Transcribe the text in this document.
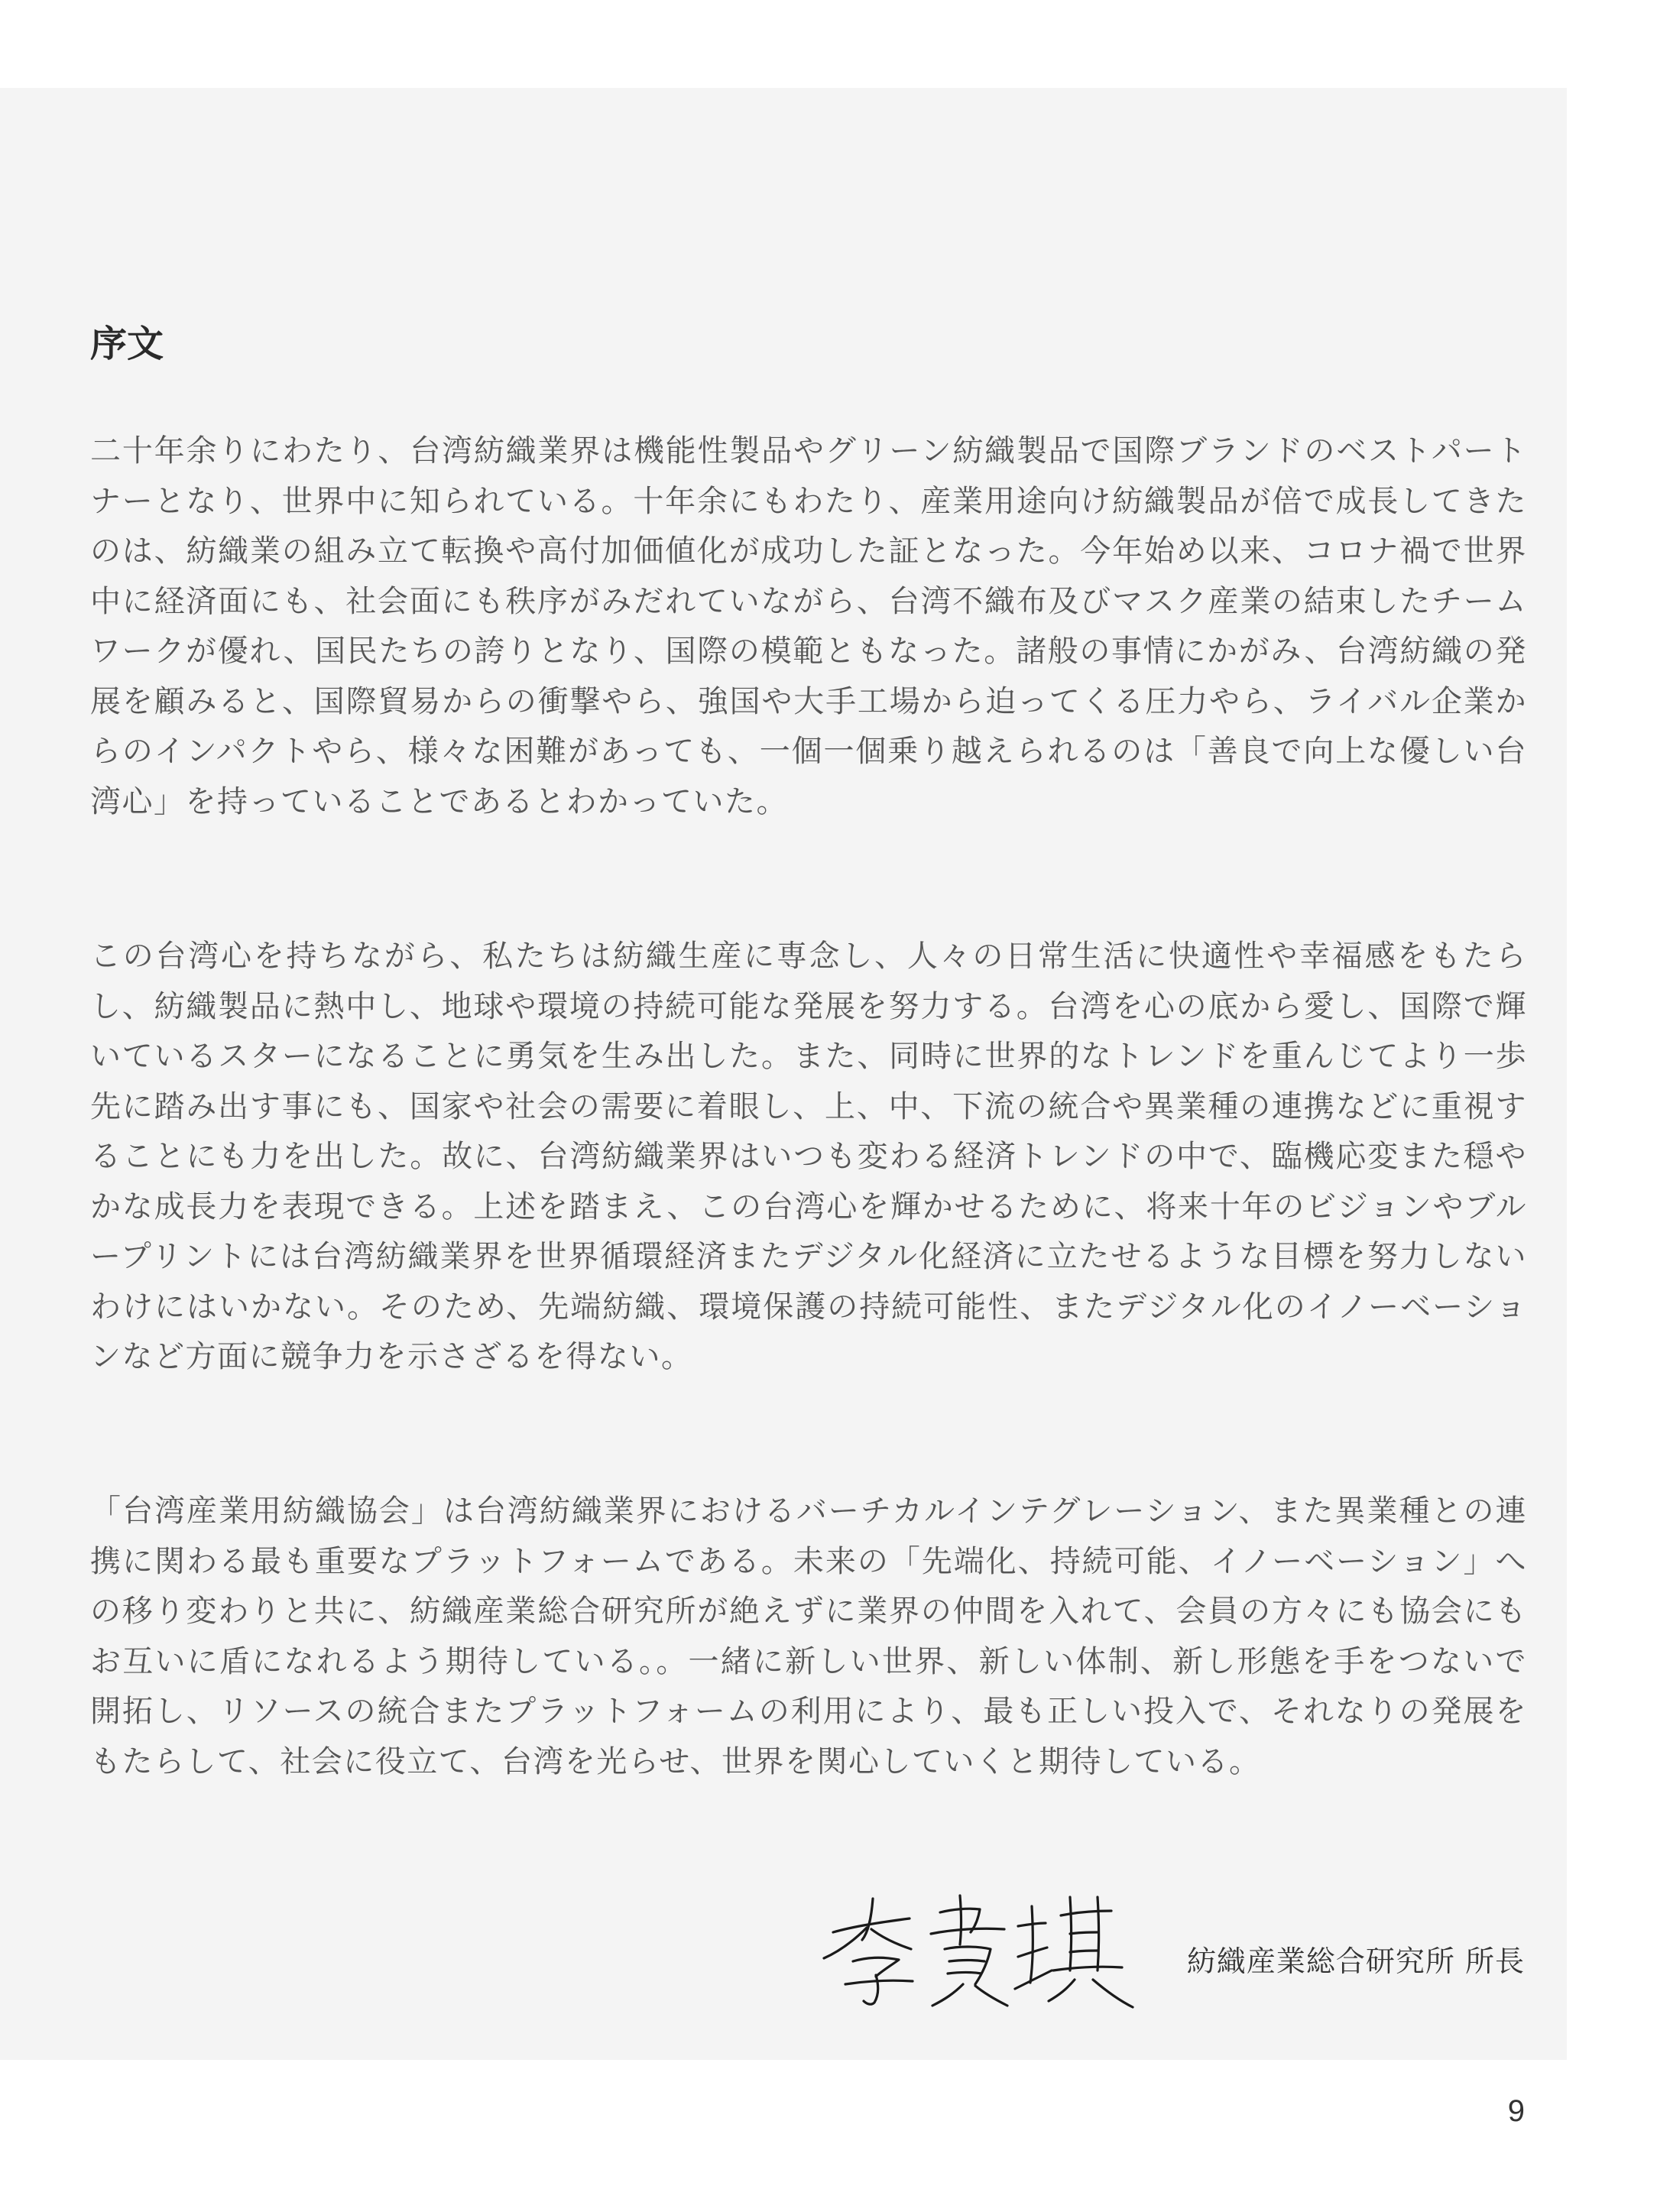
序文

二十年余りにわたり、台湾紡織業界は機能性製品やグリーン紡織製品で国際ブランドのベストパートナーとなり、世界中に知られている。十年余にもわたり、産業用途向け紡織製品が倍で成長してきたのは、紡織業の組み立て転換や高付加価値化が成功した証となった。今年始め以来、コロナ禍で世界中に経済面にも、社会面にも秩序がみだれていながら、台湾不織布及びマスク産業の結束したチームワークが優れ、国民たちの誇りとなり、国際の模範ともなった。諸般の事情にかがみ、台湾紡織の発展を顧みると、国際貿易からの衝撃やら、強国や大手工場から迫ってくる圧力やら、ライバル企業からのインパクトやら、様々な困難があっても、一個一個乗り越えられるのは「善良で向上な優しい台湾心」を持っていることであるとわかっていた。

この台湾心を持ちながら、私たちは紡織生産に専念し、人々の日常生活に快適性や幸福感をもたらし、紡織製品に熱中し、地球や環境の持続可能な発展を努力する。台湾を心の底から愛し、国際で輝いているスターになることに勇気を生み出した。また、同時に世界的なトレンドを重んじてより一歩先に踏み出す事にも、国家や社会の需要に着眼し、上、中、下流の統合や異業種の連携などに重視することにも力を出した。故に、台湾紡織業界はいつも変わる経済トレンドの中で、臨機応変また穏やかな成長力を表現できる。上述を踏まえ、この台湾心を輝かせるために、将来十年のビジョンやブループリントには台湾紡織業界を世界循環経済またデジタル化経済に立たせるような目標を努力しないわけにはいかない。そのため、先端紡織、環境保護の持続可能性、またデジタル化のイノーベーションなど方面に競争力を示さざるを得ない。

「台湾産業用紡織協会」は台湾紡織業界におけるバーチカルインテグレーション、また異業種との連携に関わる最も重要なプラットフォームである。未来の「先端化、持続可能、イノーベーション」への移り変わりと共に、紡織産業総合研究所が絶えずに業界の仲間を入れて、会員の方々にも協会にもお互いに盾になれるよう期待している。。一緒に新しい世界、新しい体制、新し形態を手をつないで開拓し、リソースの統合またプラットフォームの利用により、最も正しい投入で、それなりの発展をもたらして、社会に役立て、台湾を光らせ、世界を関心していくと期待している。

紡織産業総合研究所 所長
9
